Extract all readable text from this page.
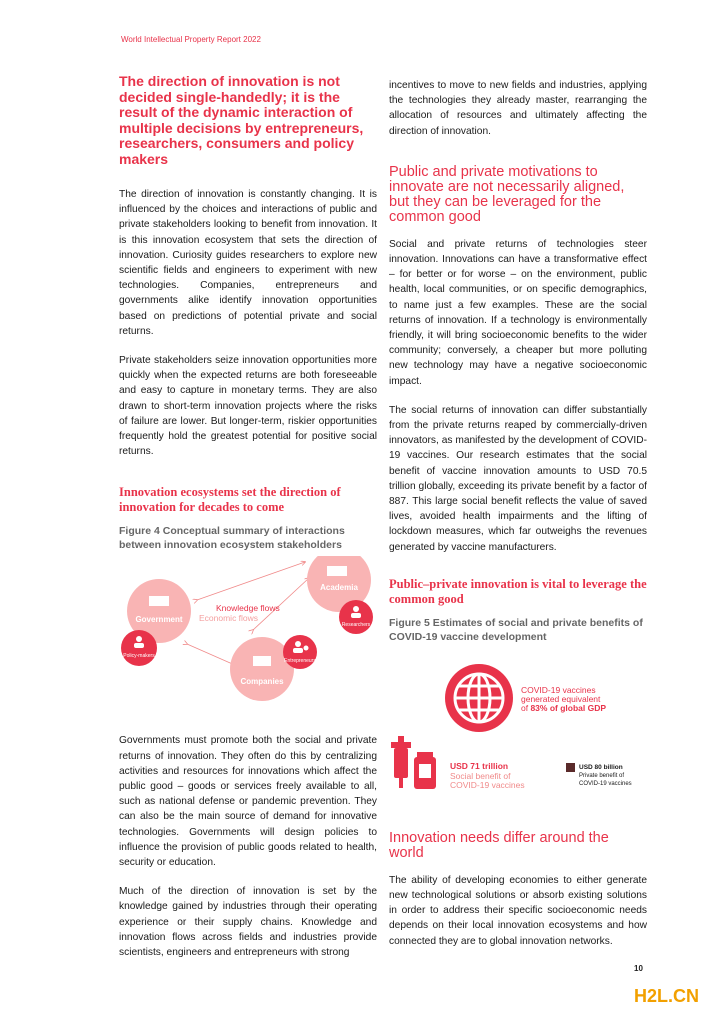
World Intellectual Property Report 2022
The direction of innovation is not decided single-handedly; it is the result of the dynamic interaction of multiple decisions by entrepreneurs, researchers, consumers and policy makers

The direction of innovation is constantly changing. It is influenced by the choices and interactions of public and private stakeholders looking to benefit from innovation. It is this innovation ecosystem that sets the direction of innovation. Curiosity guides researchers to explore new scientific fields and engineers to experiment with new technologies. Companies, entrepreneurs and governments alike identify innovation opportunities based on predictions of potential private and social returns.

Private stakeholders seize innovation opportunities more quickly when the expected returns are both foreseeable and easy to capture in monetary terms. They are also drawn to short-term innovation projects where the risks of failure are lower. But longer-term, riskier opportunities frequently hold the greatest potential for positive social returns.

Innovation ecosystems set the direction of innovation for decades to come
Figure 4 Conceptual summary of interactions between innovation ecosystem stakeholders
Government
Policy-makers
Academia
Researchers
Companies
Entrepreneurs
Knowledge flows
Economic flows

Governments must promote both the social and private returns of innovation. They often do this by centralizing activities and resources for innovations which affect the public good – goods or services freely available to all, such as national defense or pandemic prevention. They can also be the main source of demand for innovative technologies. Governments will design policies to influence the provision of public goods related to health, security or education.

Much of the direction of innovation is set by the knowledge gained by industries through their operating experience or their supply chains. Knowledge and innovation flows across fields and industries provide scientists, engineers and entrepreneurs with strong

incentives to move to new fields and industries, applying the technologies they already master, rearranging the allocation of resources and ultimately affecting the direction of innovation.

Public and private motivations to innovate are not necessarily aligned, but they can be leveraged for the common good

Social and private returns of technologies steer innovation. Innovations can have a transformative effect – for better or for worse – on the environment, public health, local communities, or on specific demographics, to name just a few examples. These are the social returns of innovation. If a technology is environmentally friendly, it will bring socioeconomic benefits to the wider community; conversely, a cheaper but more polluting new technology may have a negative socioeconomic impact.

The social returns of innovation can differ substantially from the private returns reaped by commercially-driven innovators, as manifested by the development of COVID-19 vaccines. Our research estimates that the social benefit of vaccine innovation amounts to USD 70.5 trillion globally, exceeding its private benefit by a factor of 887. This large social benefit reflects the value of saved lives, avoided health impairments and the lifting of lockdown measures, which far outweighs the revenues generated by vaccine manufacturers.

Public–private innovation is vital to leverage the common good
Figure 5 Estimates of social and private benefits of COVID-19 vaccine development
COVID-19 vaccines
generated equivalent
of 83% of global GDP
USD 71 trillion
Social benefit of
COVID-19 vaccines
USD 80 billion
Private benefit of
COVID-19 vaccines
Innovation needs differ around the world

The ability of developing economies to either generate new technological solutions or absorb existing solutions in order to address their specific socioeconomic needs depends on their local innovation ecosystems and how connected they are to global innovation networks.

10
H2L.CN
